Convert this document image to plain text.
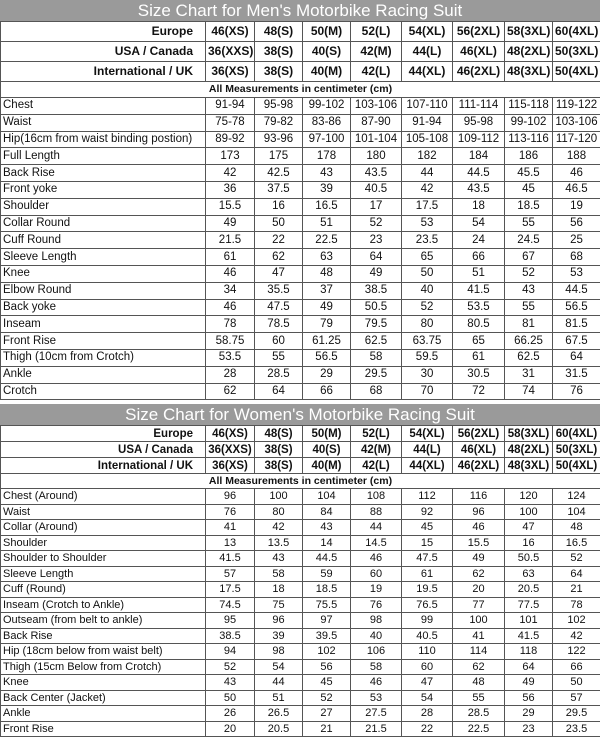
Size Chart for Men's Motorbike Racing Suit
Europe	46(XS)	48(S)	50(M)	52(L)	54(XL)	56(2XL)	58(3XL)	60(4XL)
USA / Canada	36(XXS)	38(S)	40(S)	42(M)	44(L)	46(XL)	48(2XL)	50(3XL)
International / UK	36(XS)	38(S)	40(M)	42(L)	44(XL)	46(2XL)	48(3XL)	50(4XL)
All Measurements in centimeter (cm)								
Chest	91-94	95-98	99-102	103-106	107-110	111-114	115-118	119-122
Waist	75-78	79-82	83-86	87-90	91-94	95-98	99-102	103-106
Hip(16cm from waist binding postion)	89-92	93-96	97-100	101-104	105-108	109-112	113-116	117-120
Full Length	173	175	178	180	182	184	186	188
Back Rise	42	42.5	43	43.5	44	44.5	45.5	46
Front yoke	36	37.5	39	40.5	42	43.5	45	46.5
Shoulder	15.5	16	16.5	17	17.5	18	18.5	19
Collar Round	49	50	51	52	53	54	55	56
Cuff Round	21.5	22	22.5	23	23.5	24	24.5	25
Sleeve Length	61	62	63	64	65	66	67	68
Knee	46	47	48	49	50	51	52	53
Elbow Round	34	35.5	37	38.5	40	41.5	43	44.5
Back yoke	46	47.5	49	50.5	52	53.5	55	56.5
Inseam	78	78.5	79	79.5	80	80.5	81	81.5
Front Rise	58.75	60	61.25	62.5	63.75	65	66.25	67.5
Thigh (10cm from Crotch)	53.5	55	56.5	58	59.5	61	62.5	64
Ankle	28	28.5	29	29.5	30	30.5	31	31.5
Crotch	62	64	66	68	70	72	74	76
Size Chart for Women's Motorbike Racing Suit
Europe	46(XS)	48(S)	50(M)	52(L)	54(XL)	56(2XL)	58(3XL)	60(4XL)
USA / Canada	36(XXS)	38(S)	40(S)	42(M)	44(L)	46(XL)	48(2XL)	50(3XL)
International / UK	36(XS)	38(S)	40(M)	42(L)	44(XL)	46(2XL)	48(3XL)	50(4XL)
All Measurements in centimeter (cm)								
Chest (Around)	96	100	104	108	112	116	120	124
Waist	76	80	84	88	92	96	100	104
Collar (Around)	41	42	43	44	45	46	47	48
Shoulder	13	13.5	14	14.5	15	15.5	16	16.5
Shoulder to Shoulder	41.5	43	44.5	46	47.5	49	50.5	52
Sleeve Length	57	58	59	60	61	62	63	64
Cuff (Round)	17.5	18	18.5	19	19.5	20	20.5	21
Inseam (Crotch to Ankle)	74.5	75	75.5	76	76.5	77	77.5	78
Outseam (from belt to ankle)	95	96	97	98	99	100	101	102
Back Rise	38.5	39	39.5	40	40.5	41	41.5	42
Hip (18cm below from waist belt)	94	98	102	106	110	114	118	122
Thigh (15cm Below from Crotch)	52	54	56	58	60	62	64	66
Knee	43	44	45	46	47	48	49	50
Back Center (Jacket)	50	51	52	53	54	55	56	57
Ankle	26	26.5	27	27.5	28	28.5	29	29.5
Front Rise	20	20.5	21	21.5	22	22.5	23	23.5
